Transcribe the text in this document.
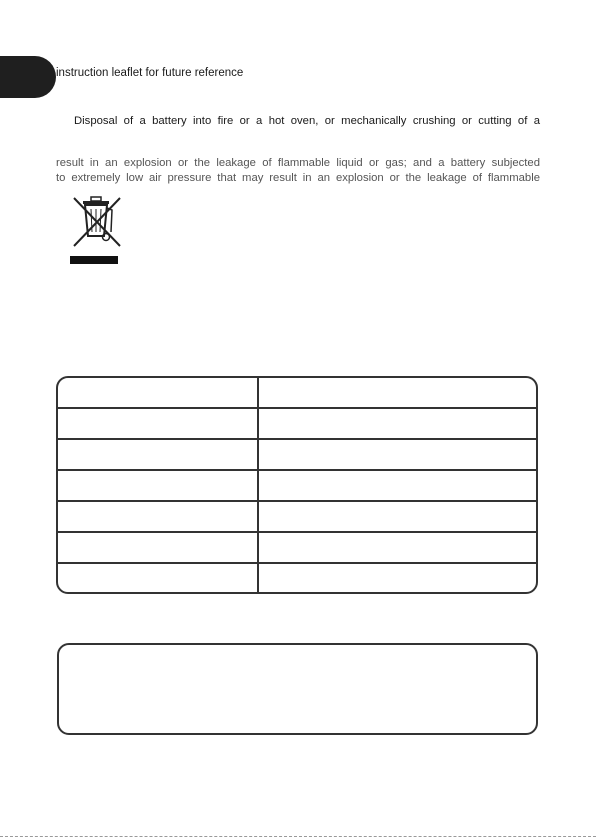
instruction leaflet for future reference
Disposal of a battery into fire or a hot oven, or mechanically crushing or cutting of a
result in an explosion or the leakage of flammable liquid or gas; and a battery subjected
to extremely low air pressure that may result in an explosion or the leakage of flammable
